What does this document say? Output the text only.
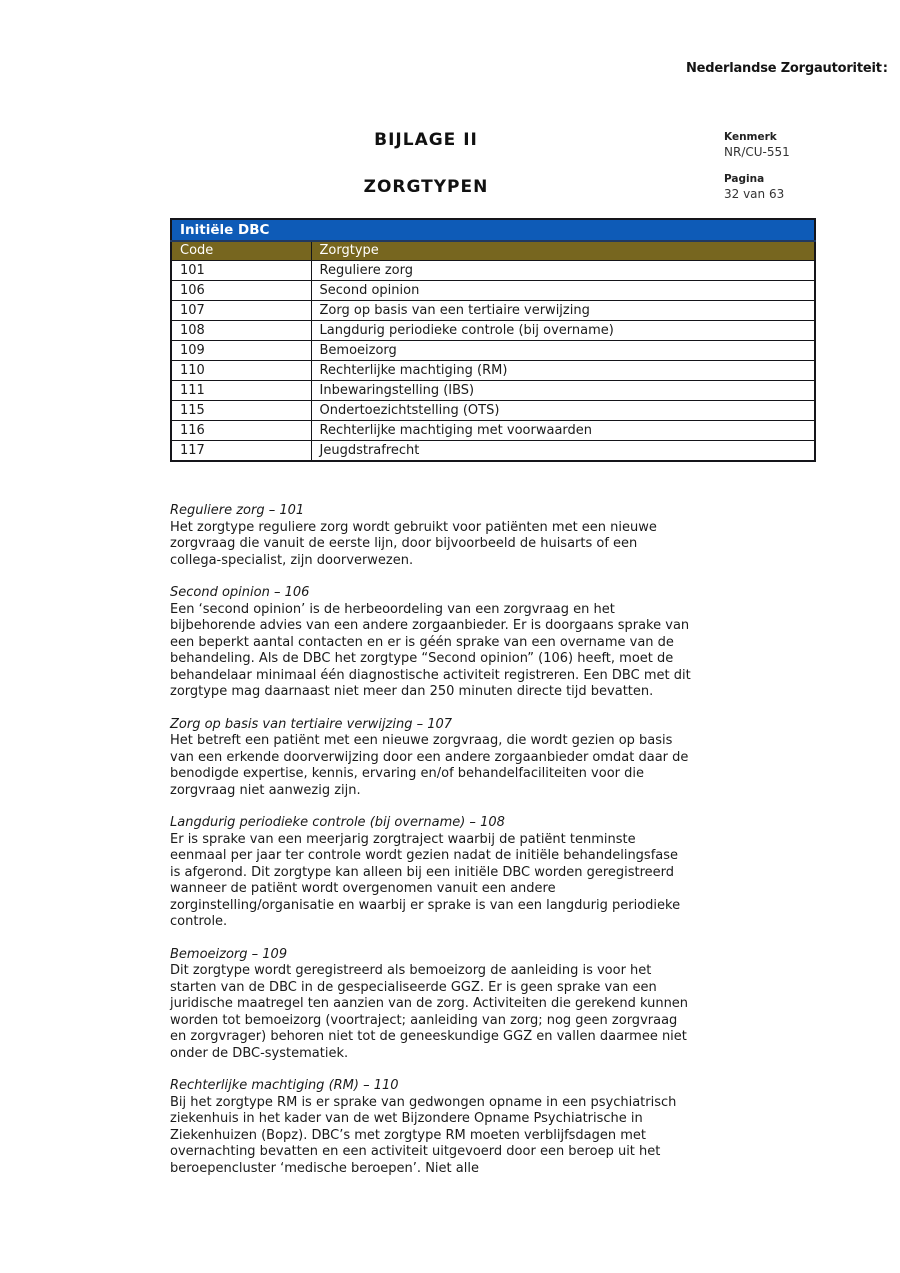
Nederlandse Zorgautoriteit:
BIJLAGE II
ZORGTYPEN
Kenmerk
NR/CU-551
Pagina
32 van 63
Initiële DBC	
Code	Zorgtype
101	Reguliere zorg
106	Second opinion
107	Zorg op basis van een tertiaire verwijzing
108	Langdurig periodieke controle (bij overname)
109	Bemoeizorg
110	Rechterlijke machtiging (RM)
111	Inbewaringstelling (IBS)
115	Ondertoezichtstelling (OTS)
116	Rechterlijke machtiging met voorwaarden
117	Jeugdstrafrecht
Reguliere zorg – 101
Het zorgtype reguliere zorg wordt gebruikt voor patiënten met een nieuwe zorgvraag die vanuit de eerste lijn, door bijvoorbeeld de huisarts of een collega-specialist, zijn doorverwezen.
Second opinion – 106
Een ‘second opinion’ is de herbeoordeling van een zorgvraag en het bijbehorende advies van een andere zorgaanbieder. Er is doorgaans sprake van een beperkt aantal contacten en er is géén sprake van een overname van de behandeling. Als de DBC het zorgtype “Second opinion” (106) heeft, moet de behandelaar minimaal één diagnostische activiteit registreren. Een DBC met dit zorgtype mag daarnaast niet meer dan 250 minuten directe tijd bevatten.
Zorg op basis van tertiaire verwijzing – 107
Het betreft een patiënt met een nieuwe zorgvraag, die wordt gezien op basis van een erkende doorverwijzing door een andere zorgaanbieder omdat daar de benodigde expertise, kennis, ervaring en/of behandelfaciliteiten voor die zorgvraag niet aanwezig zijn.
Langdurig periodieke controle (bij overname) – 108
Er is sprake van een meerjarig zorgtraject waarbij de patiënt tenminste eenmaal per jaar ter controle wordt gezien nadat de initiële behandelingsfase is afgerond. Dit zorgtype kan alleen bij een initiële DBC worden geregistreerd wanneer de patiënt wordt overgenomen vanuit een andere zorginstelling/organisatie en waarbij er sprake is van een langdurig periodieke controle.
Bemoeizorg – 109
Dit zorgtype wordt geregistreerd als bemoeizorg de aanleiding is voor het starten van de DBC in de gespecialiseerde GGZ. Er is geen sprake van een juridische maatregel ten aanzien van de zorg. Activiteiten die gerekend kunnen worden tot bemoeizorg (voortraject; aanleiding van zorg; nog geen zorgvraag en zorgvrager) behoren niet tot de geneeskundige GGZ en vallen daarmee niet onder de DBC-systematiek.
Rechterlijke machtiging (RM) – 110
Bij het zorgtype RM is er sprake van gedwongen opname in een psychiatrisch ziekenhuis in het kader van de wet Bijzondere Opname Psychiatrische in Ziekenhuizen (Bopz). DBC’s met zorgtype RM moeten verblijfsdagen met overnachting bevatten en een activiteit uitgevoerd door een beroep uit het beroepencluster ‘medische beroepen’. Niet alle
